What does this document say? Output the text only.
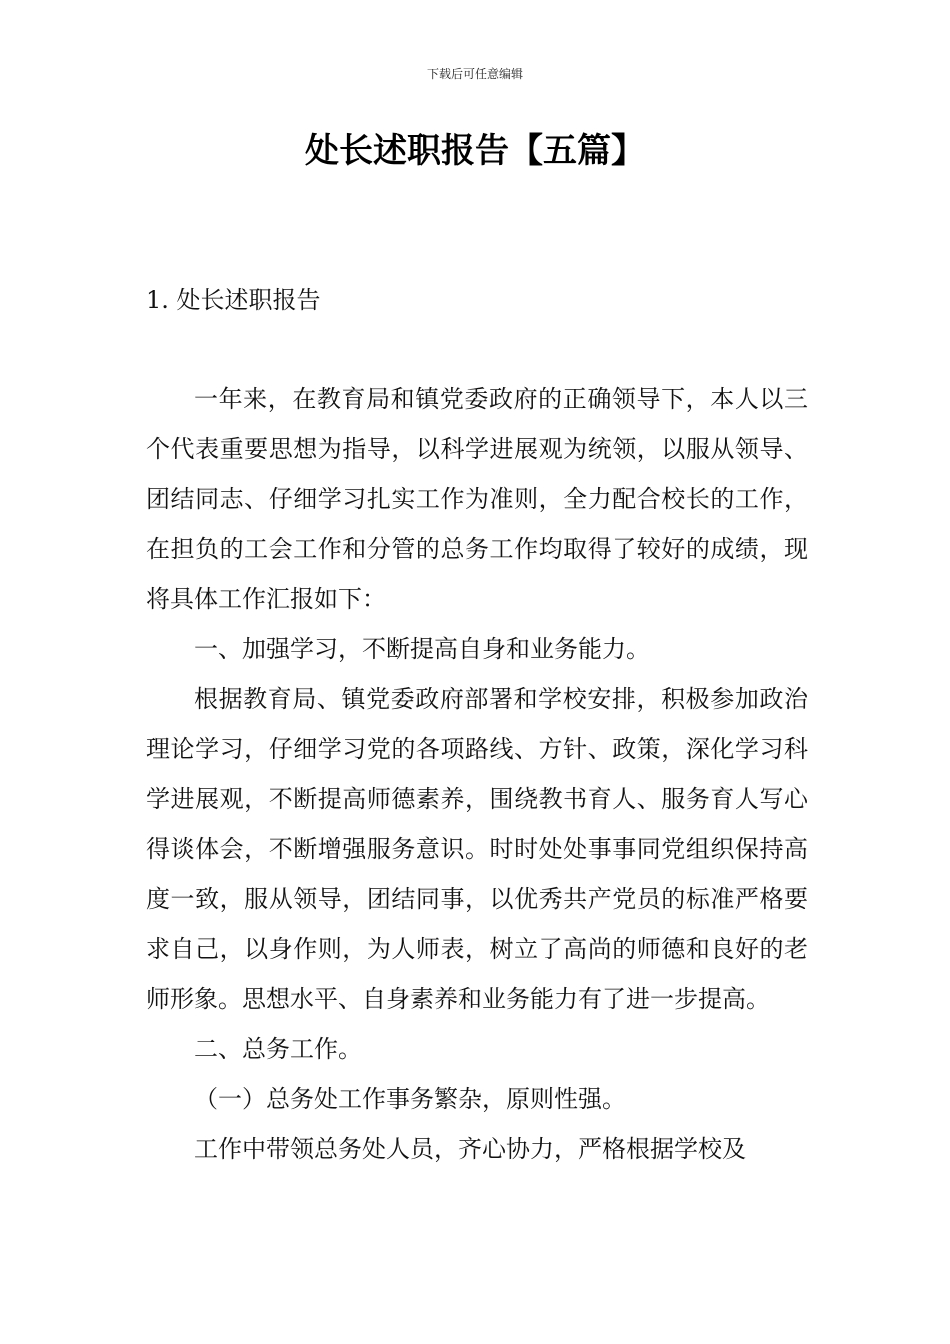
下载后可任意编辑
处长述职报告【五篇】
1. 处长述职报告

一年来，在教育局和镇党委政府的正确领导下，本人以三个代表重要思想为指导，以科学进展观为统领，以服从领导、团结同志、仔细学习扎实工作为准则，全力配合校长的工作，在担负的工会工作和分管的总务工作均取得了较好的成绩，现将具体工作汇报如下：

一、加强学习，不断提高自身和业务能力。

根据教育局、镇党委政府部署和学校安排，积极参加政治理论学习，仔细学习党的各项路线、方针、政策，深化学习科学进展观，不断提高师德素养，围绕教书育人、服务育人写心得谈体会，不断增强服务意识。时时处处事事同党组织保持高度一致，服从领导，团结同事，以优秀共产党员的标准严格要求自己，以身作则，为人师表，树立了高尚的师德和良好的老师形象。思想水平、自身素养和业务能力有了进一步提高。

二、总务工作。

（一）总务处工作事务繁杂，原则性强。

工作中带领总务处人员，齐心协力，严格根据学校及
